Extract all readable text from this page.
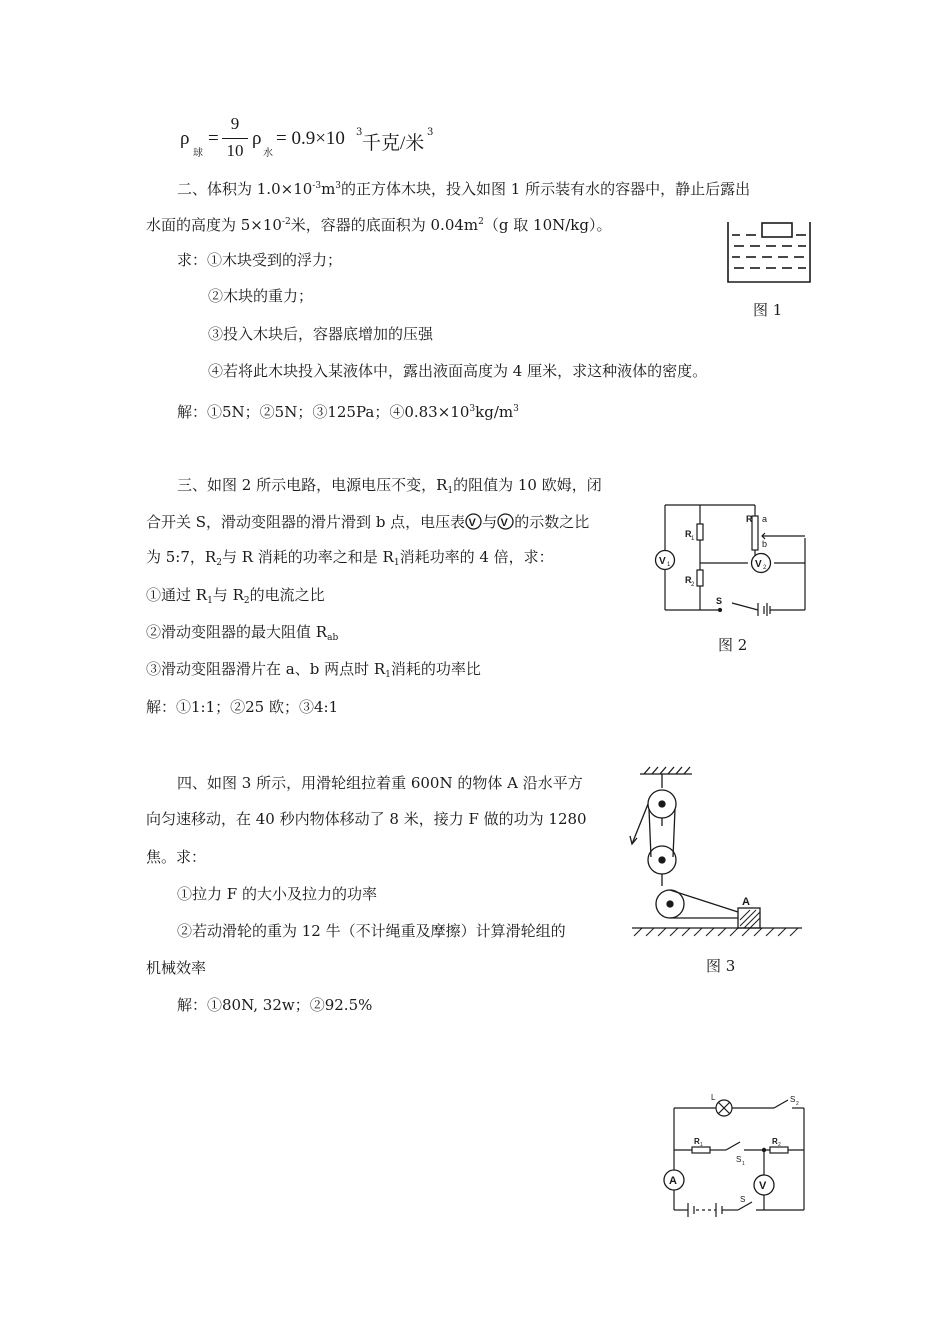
ρ
球
=
9
10
ρ
水
= 0.9×10 3
千克/米
3
二、体积为 $1.0\times 10^{-3}m^3$的正方体木块，投入如图 1 所示装有水的容器中，静止后露出
水面的高度为 $5\times 10^{-2}$米，容器的底面积为 $0.04m^2(g$ 取 10N/kg）。
求：①木块受到的浮力；
②木块的重力；
③投入木块后，容器底增加的压强
④若将此木块投入某液体中，露出液面高度为 4 厘米，求这种液体的密度。
解：①5N；②5N；③125Pa；$④0.83\times 10^3kg/m^3$
图 1
三、如图 2 所示电路，电源电压不变，$R_1$的阻值为 10 欧姆，闭
合开关 S，滑动变阻器的滑片滑到 b 点，电压表 V 与 V 的示数之比
为 5:7，$R_2$与 R 消耗的功率之和是 $R_1$消耗功率的 4 倍，求：
①通过 $R_1$与 $R_2$的电流之比
②滑动变阻器的最大阻值 $R_{ab}$
③滑动变阻器滑片在 a、b 两点时 $R_1$消耗的功率比
解：①1:1；②25 欧；③4:1
V 1	V 2
R 1
R 2
R a
b
S
图 2
四、如图 3 所示，用滑轮组拉着重 600N 的物体 A 沿水平方
向匀速移动，在 40 秒内物体移动了 8 米，接力 F 做的功为 1280
焦。求：
①拉力 F 的大小及拉力的功率
②若动滑轮的重为 12 牛（不计绳重及摩擦）计算滑轮组的
机械效率
解：①80N, 32w；②92.5%
A
图 3
A	V
L	S 2
R 1	R 2
S 1
S
